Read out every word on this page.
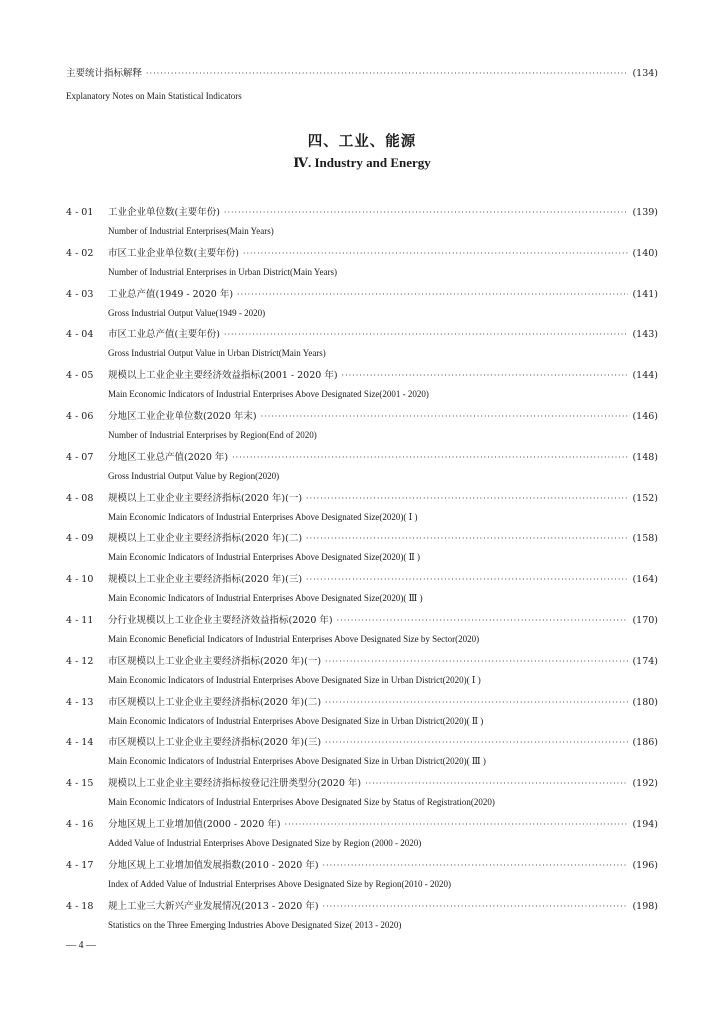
主要统计指标解释 ·····	(134)
Explanatory Notes on Main Statistical Indicators
四、工业、能源
Ⅳ. Industry and Energy
4 - 01	工业企业单位数(主要年份) ·····	(139)
Number of Industrial Enterprises(Main Years)
4 - 02	市区工业企业单位数(主要年份) ·····	(140)
Number of Industrial Enterprises in Urban District(Main Years)
4 - 03	工业总产值(1949 - 2020 年) ·····	(141)
Gross Industrial Output Value(1949 - 2020)
4 - 04	市区工业总产值(主要年份) ·····	(143)
Gross Industrial Output Value in Urban District(Main Years)
4 - 05	规模以上工业企业主要经济效益指标(2001 - 2020 年) ·····	(144)
Main Economic Indicators of Industrial Enterprises Above Designated Size(2001 - 2020)
4 - 06	分地区工业企业单位数(2020 年末) ·····	(146)
Number of Industrial Enterprises by Region(End of 2020)
4 - 07	分地区工业总产值(2020 年) ·····	(148)
Gross Industrial Output Value by Region(2020)
4 - 08	规模以上工业企业主要经济指标(2020 年)(一) ·····	(152)
Main Economic Indicators of Industrial Enterprises Above Designated Size(2020)( Ⅰ )
4 - 09	规模以上工业企业主要经济指标(2020 年)(二) ·····	(158)
Main Economic Indicators of Industrial Enterprises Above Designated Size(2020)( Ⅱ )
4 - 10	规模以上工业企业主要经济指标(2020 年)(三) ·····	(164)
Main Economic Indicators of Industrial Enterprises Above Designated Size(2020)( Ⅲ )
4 - 11	分行业规模以上工业企业主要经济效益指标(2020 年) ·····	(170)
Main Economic Beneficial Indicators of Industrial Enterprises Above Designated Size by Sector(2020)
4 - 12	市区规模以上工业企业主要经济指标(2020 年)(一) ·····	(174)
Main Economic Indicators of Industrial Enterprises Above Designated Size in Urban District(2020)( Ⅰ )
4 - 13	市区规模以上工业企业主要经济指标(2020 年)(二) ·····	(180)
Main Economic Indicators of Industrial Enterprises Above Designated Size in Urban District(2020)( Ⅱ )
4 - 14	市区规模以上工业企业主要经济指标(2020 年)(三) ·····	(186)
Main Economic Indicators of Industrial Enterprises Above Designated Size in Urban District(2020)( Ⅲ )
4 - 15	规模以上工业企业主要经济指标按登记注册类型分(2020 年) ·····	(192)
Main Economic Indicators of Industrial Enterprises Above Designated Size by Status of Registration(2020)
4 - 16	分地区规上工业增加值(2000 - 2020 年) ·····	(194)
Added Value of Industrial Enterprises Above Designated Size by Region (2000 - 2020)
4 - 17	分地区规上工业增加值发展指数(2010 - 2020 年) ·····	(196)
Index of Added Value of Industrial Enterprises Above Designated Size by Region(2010 - 2020)
4 - 18	规上工业三大新兴产业发展情况(2013 - 2020 年) ·····	(198)
Statistics on the Three Emerging Industries Above Designated Size( 2013 - 2020)
— 4 —
